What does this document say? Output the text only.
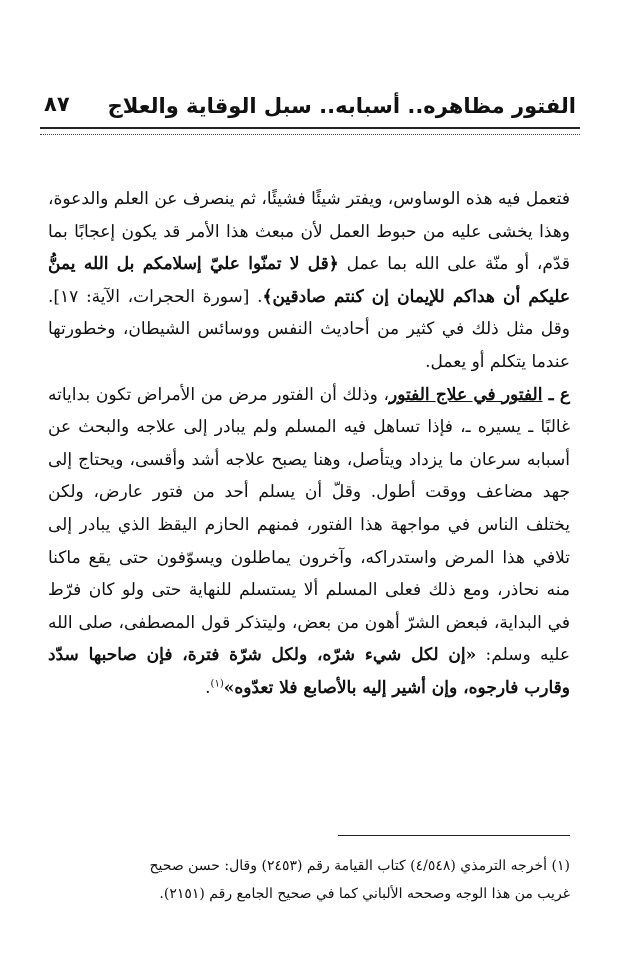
الفتور مظاهره.. أسبابه.. سبل الوقاية والعلاج
٨٧

فتعمل فيه هذه الوساوس، ويفتر شيئًا فشيئًا، ثم ينصرف عن العلم والدعوة، وهذا يخشى عليه من حبوط العمل لأن مبعث هذا الأمر قد يكون إعجابًا بما قدّم، أو منّة على الله بما عمل ﴿قل لا تمنّوا عليّ إسلامكم بل الله يمنُّ عليكم أن هداكم للإيمان إن كنتم صادقين﴾. [سورة الحجرات، الآية: ١٧]. وقل مثل ذلك في كثير من أحاديث النفس ووسائس الشيطان، وخطورتها عندما يتكلم أو يعمل.

ع ـ الفتور في علاج الفتور، وذلك أن الفتور مرض من الأمراض تكون بداياته غالبًا ـ يسيره ـ، فإذا تساهل فيه المسلم ولم يبادر إلى علاجه والبحث عن أسبابه سرعان ما يزداد ويتأصل، وهنا يصبح علاجه أشد وأقسى، ويحتاج إلى جهد مضاعف ووقت أطول. وقلّ أن يسلم أحد من فتور عارض، ولكن يختلف الناس في مواجهة هذا الفتور، فمنهم الحازم اليقظ الذي يبادر إلى تلافي هذا المرض واستدراكه، وآخرون يماطلون ويسوّفون حتى يقع ماكنا منه نحاذر، ومع ذلك فعلى المسلم ألا يستسلم للنهاية حتى ولو كان فرّط في البداية، فبعض الشرّ أهون من بعض، وليتذكر قول المصطفى، صلى الله عليه وسلم: «إن لكل شيء شرّه، ولكل شرّة فترة، فإن صاحبها سدّد وقارب فارجوه، وإن أشير إليه بالأصابع فلا تعدّوه»$^{(١)}$.

(١) أخرجه الترمذي (٤/٥٤٨) كتاب القيامة رقم (٢٤٥٣) وقال: حسن صحيح

غريب من هذا الوجه وصححه الألباني كما في صحيح الجامع رقم (٢١٥١).
